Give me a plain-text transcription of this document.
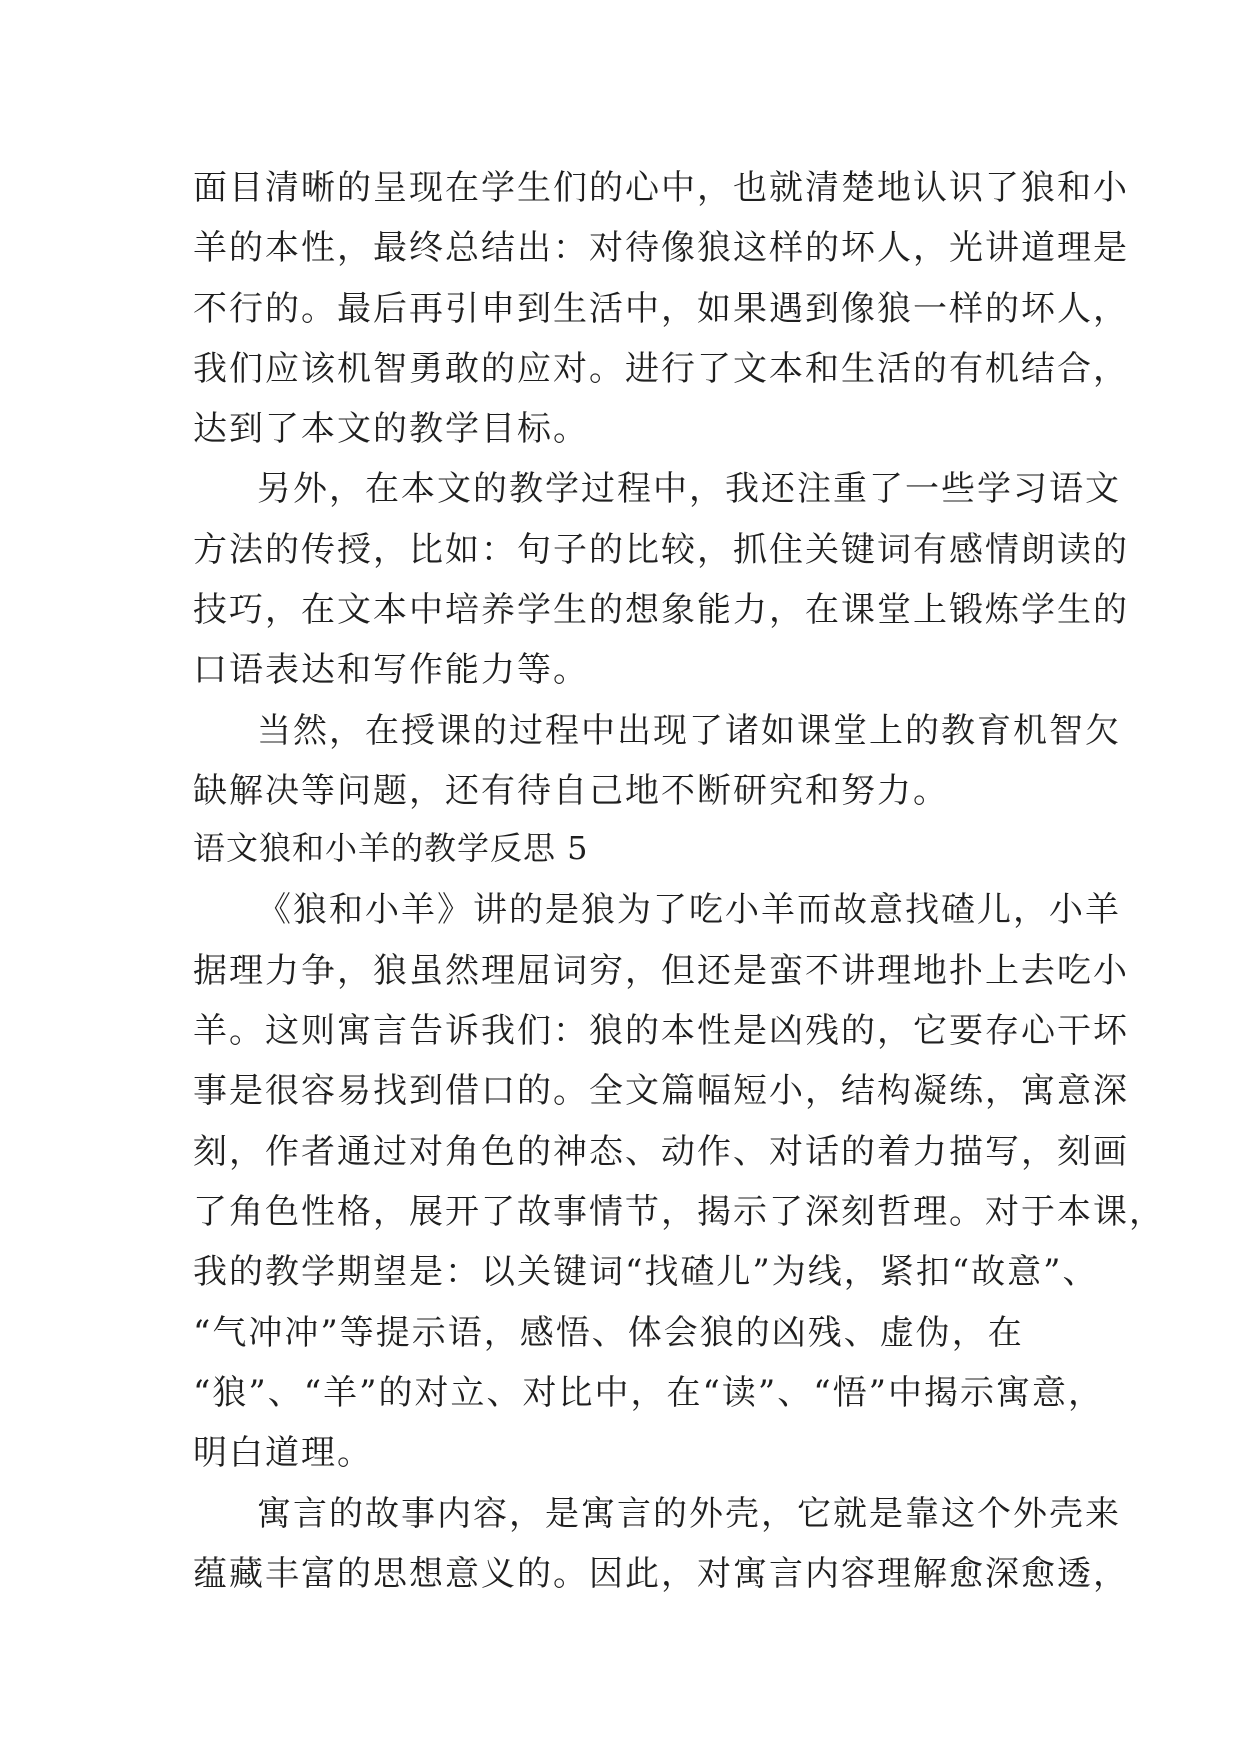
面目清晰的呈现在学生们的心中，也就清楚地认识了狼和小
羊的本性，最终总结出：对待像狼这样的坏人，光讲道理是
不行的。最后再引申到生活中，如果遇到像狼一样的坏人，
我们应该机智勇敢的应对。进行了文本和生活的有机结合，
达到了本文的教学目标。
另外，在本文的教学过程中，我还注重了一些学习语文
方法的传授，比如：句子的比较，抓住关键词有感情朗读的
技巧，在文本中培养学生的想象能力，在课堂上锻炼学生的
口语表达和写作能力等。
当然，在授课的过程中出现了诸如课堂上的教育机智欠
缺解决等问题，还有待自己地不断研究和努力。
语文狼和小羊的教学反思 5
《狼和小羊》讲的是狼为了吃小羊而故意找碴儿，小羊
据理力争，狼虽然理屈词穷，但还是蛮不讲理地扑上去吃小
羊。这则寓言告诉我们：狼的本性是凶残的，它要存心干坏
事是很容易找到借口的。全文篇幅短小，结构凝练，寓意深
刻，作者通过对角色的神态、动作、对话的着力描写，刻画
了角色性格，展开了故事情节，揭示了深刻哲理。对于本课，
我的教学期望是：以关键词“找碴儿”为线，紧扣“故意”、
“气冲冲”等提示语，感悟、体会狼的凶残、虚伪，在
“狼”、“羊”的对立、对比中，在“读”、“悟”中揭示寓意，
明白道理。
寓言的故事内容，是寓言的外壳，它就是靠这个外壳来
蕴藏丰富的思想意义的。因此，对寓言内容理解愈深愈透，
